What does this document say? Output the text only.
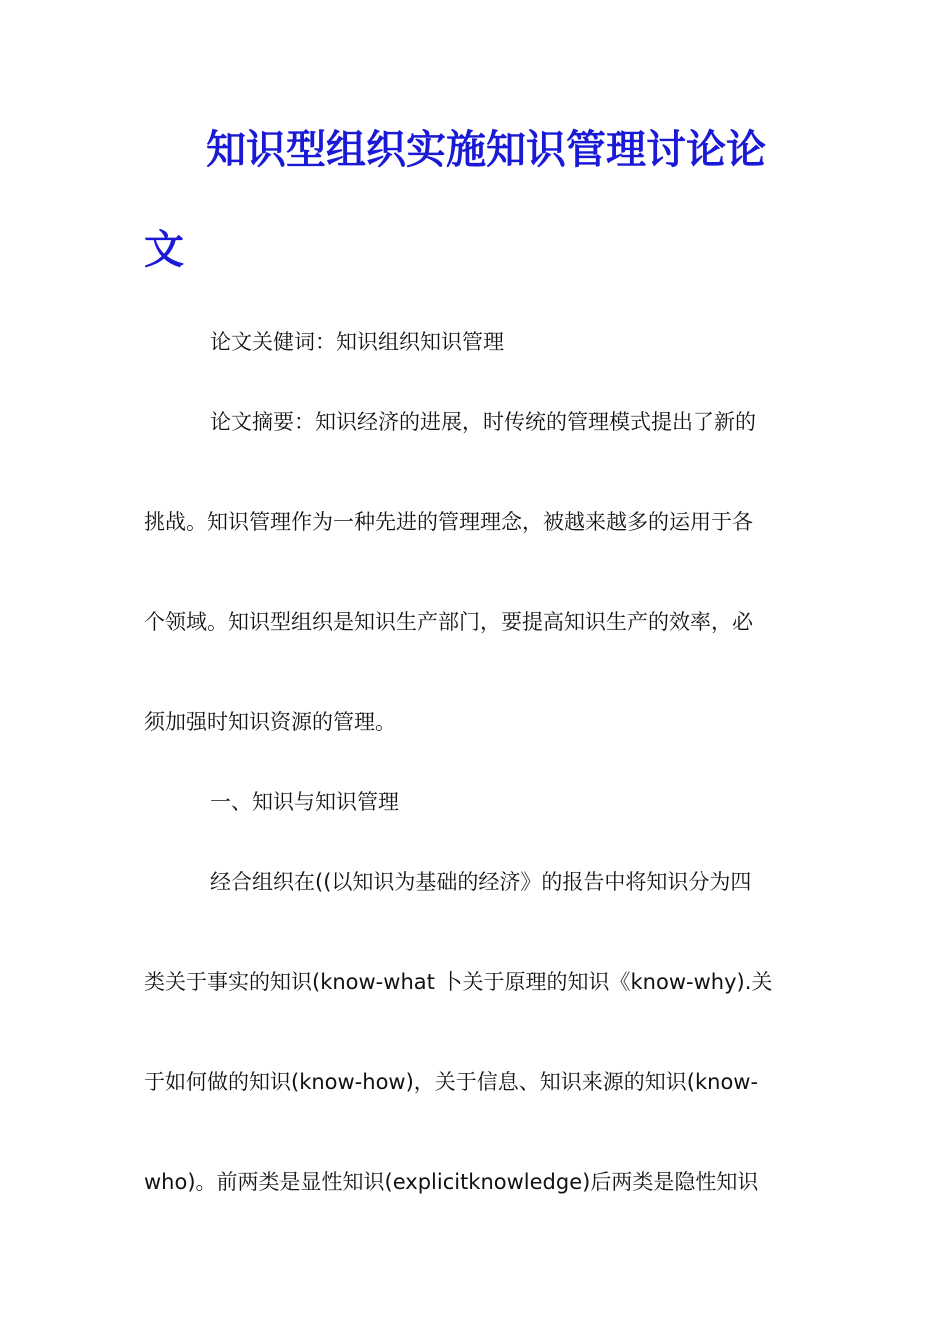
知识型组织实施知识管理讨论论
文
论文关健词：知识组织知识管理
论文摘要：知识经济的进展，时传统的管理模式提出了新的
挑战。知识管理作为一种先进的管理理念，被越来越多的运用于各
个领域。知识型组织是知识生产部门，要提高知识生产的效率，必
须加强时知识资源的管理。
一、知识与知识管理
经合组织在((以知识为基础的经济》的报告中将知识分为四
类关于事实的知识(know-what 卜关于原理的知识《know-why).关
于如何做的知识(know-how)，关于信息、知识来源的知识(know-
who)。前两类是显性知识(explicitknowledge)后两类是隐性知识
